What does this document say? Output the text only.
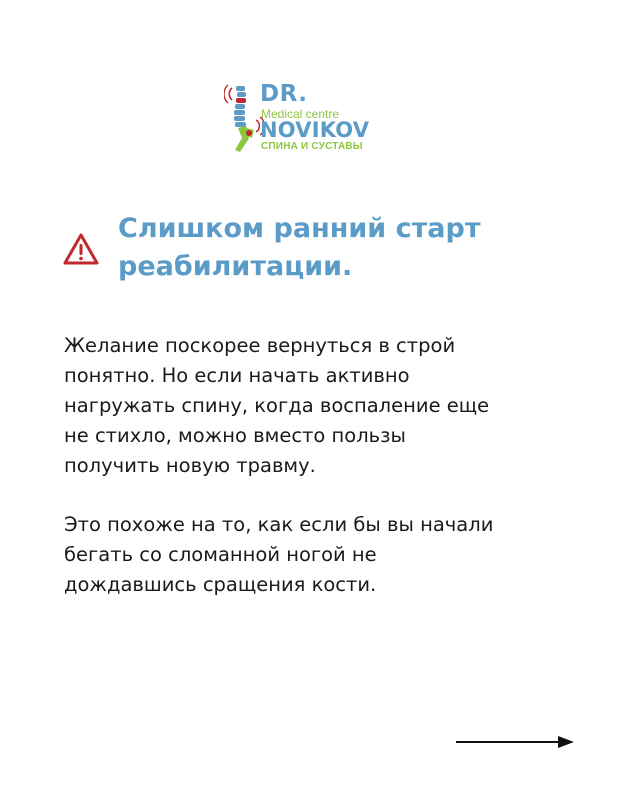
DR.
Medical centre
NOVIKOV
СПИНА И СУСТАВЫ
Слишком ранний старт реабилитации.

Желание поскорее вернуться в строй
понятно. Но если начать активно
нагружать спину, когда воспаление еще
не стихло, можно вместо пользы
получить новую травму.

Это похоже на то, как если бы вы начали
бегать со сломанной ногой не
дождавшись сращения кости.
